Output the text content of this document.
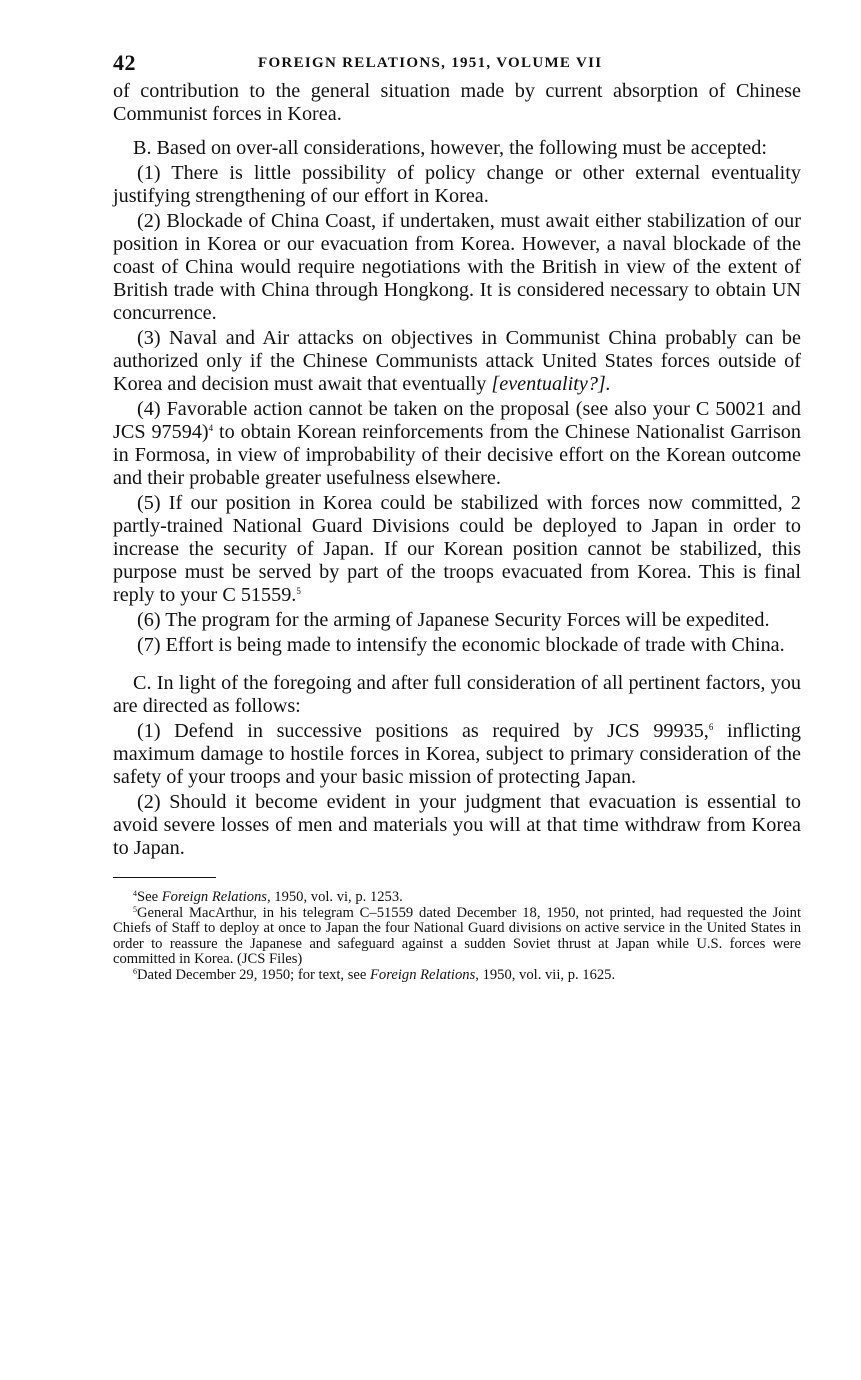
42	FOREIGN RELATIONS, 1951, VOLUME VII

of contribution to the general situation made by current absorption of Chinese Communist forces in Korea.

B. Based on over-all considerations, however, the following must be accepted:

(1) There is little possibility of policy change or other external eventuality justifying strengthening of our effort in Korea.

(2) Blockade of China Coast, if undertaken, must await either stabilization of our position in Korea or our evacuation from Korea. However, a naval blockade of the coast of China would require negotiations with the British in view of the extent of British trade with China through Hongkong. It is considered necessary to obtain UN concurrence.

(3) Naval and Air attacks on objectives in Communist China probably can be authorized only if the Chinese Communists attack United States forces outside of Korea and decision must await that eventually [eventuality?].

(4) Favorable action cannot be taken on the proposal (see also your C 50021 and JCS 97594)$^4$ to obtain Korean reinforcements from the Chinese Nationalist Garrison in Formosa, in view of improbability of their decisive effort on the Korean outcome and their probable greater usefulness elsewhere.

(5) If our position in Korea could be stabilized with forces now committed, 2 partly-trained National Guard Divisions could be deployed to Japan in order to increase the security of Japan. If our Korean position cannot be stabilized, this purpose must be served by part of the troops evacuated from Korea. This is final reply to your C 51559.$^5$

(6) The program for the arming of Japanese Security Forces will be expedited.

(7) Effort is being made to intensify the economic blockade of trade with China.

C. In light of the foregoing and after full consideration of all pertinent factors, you are directed as follows:

(1) Defend in successive positions as required by JCS 99935,$^6$ inflicting maximum damage to hostile forces in Korea, subject to primary consideration of the safety of your troops and your basic mission of protecting Japan.

(2) Should it become evident in your judgment that evacuation is essential to avoid severe losses of men and materials you will at that time withdraw from Korea to Japan.

$^4$See Foreign Relations, 1950, vol. vi, p. 1253.

$^5$General MacArthur, in his telegram C–51559 dated December 18, 1950, not printed, had requested the Joint Chiefs of Staff to deploy at once to Japan the four National Guard divisions on active service in the United States in order to reassure the Japanese and safeguard against a sudden Soviet thrust at Japan while U.S. forces were committed in Korea. (JCS Files)

$^6$Dated December 29, 1950; for text, see Foreign Relations, 1950, vol. vii, p. 1625.
